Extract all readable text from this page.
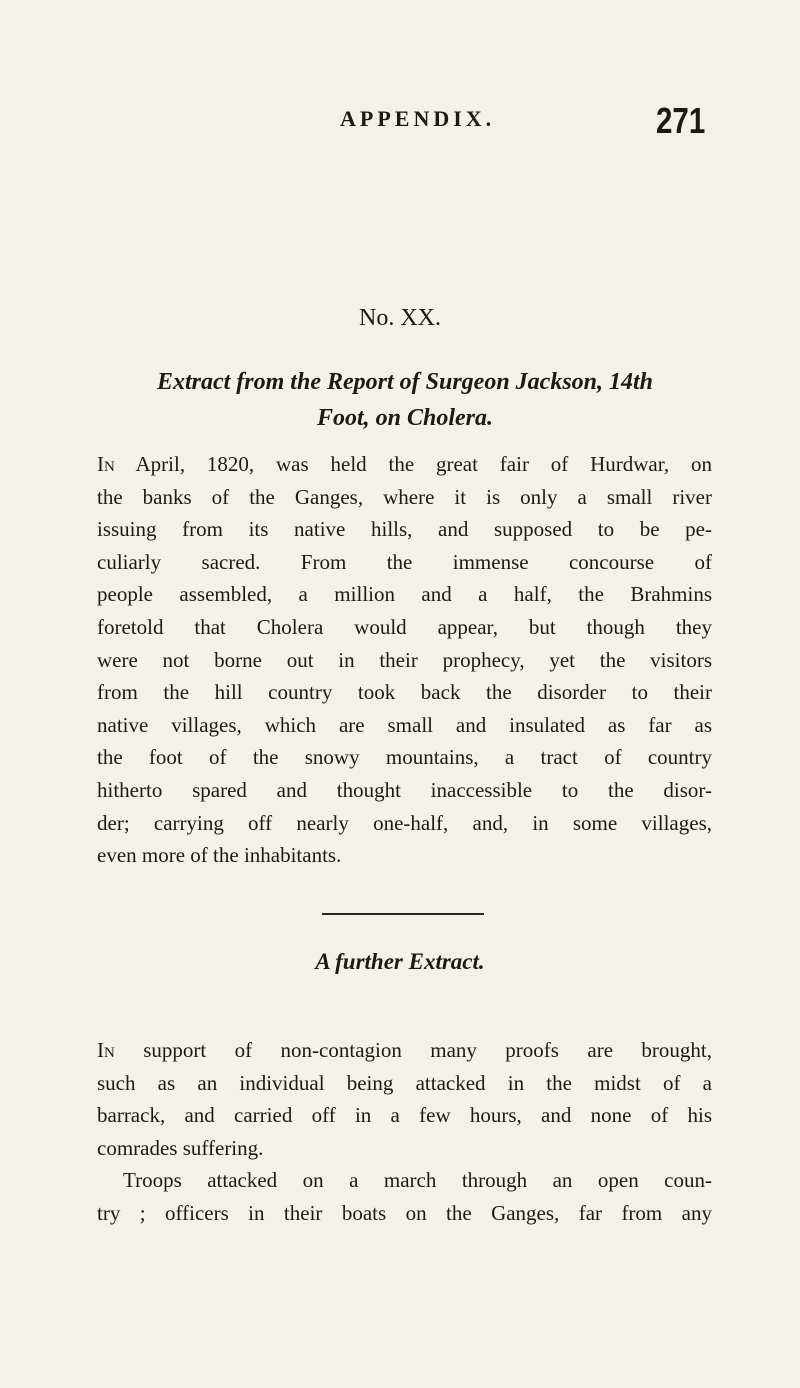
APPENDIX.	271
No. XX.
Extract from the Report of Surgeon Jackson, 14th
Foot, on Cholera.
In April, 1820, was held the great fair of Hurdwar, on
the banks of the Ganges, where it is only a small river
issuing from its native hills, and supposed to be pe-
culiarly sacred. From the immense concourse of
people assembled, a million and a half, the Brahmins
foretold that Cholera would appear, but though they
were not borne out in their prophecy, yet the visitors
from the hill country took back the disorder to their
native villages, which are small and insulated as far as
the foot of the snowy mountains, a tract of country
hitherto spared and thought inaccessible to the disor-
der; carrying off nearly one-half, and, in some villages,
even more of the inhabitants.
A further Extract.
In support of non-contagion many proofs are brought,
such as an individual being attacked in the midst of a
barrack, and carried off in a few hours, and none of his
comrades suffering.
Troops attacked on a march through an open coun-
try ; officers in their boats on the Ganges, far from any
